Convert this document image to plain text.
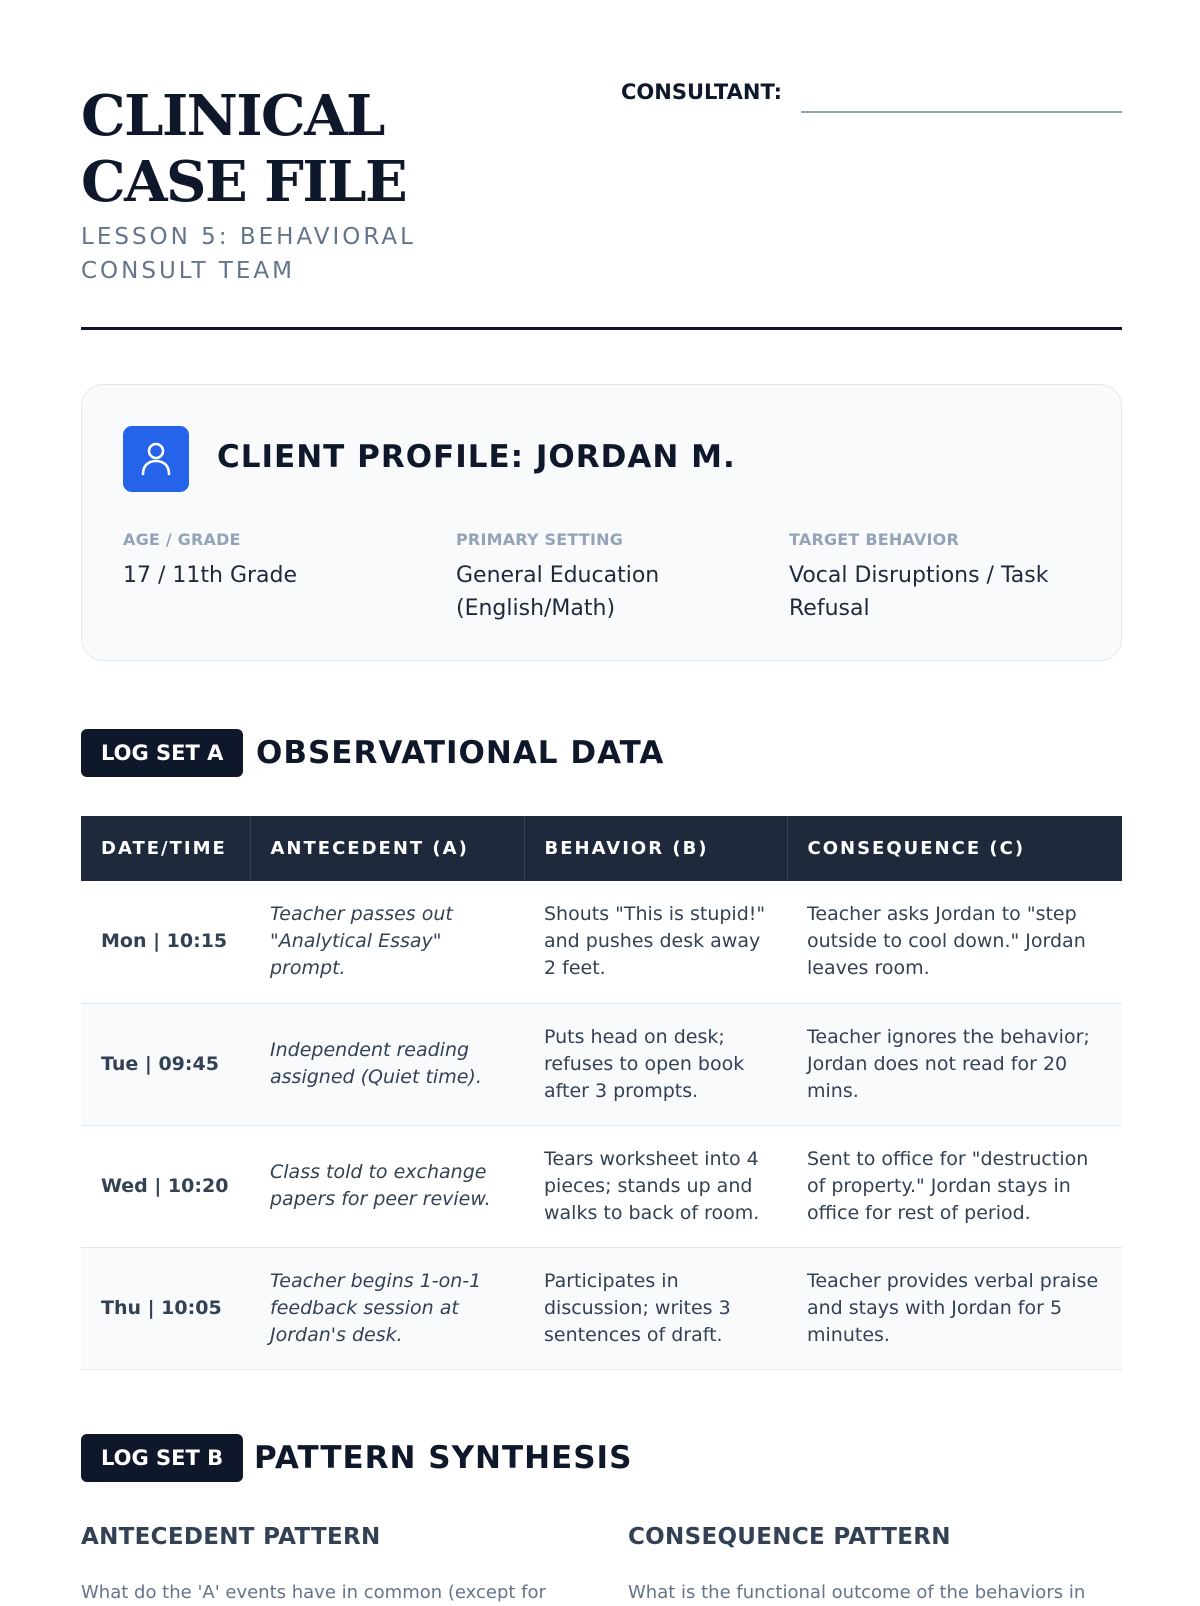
CLINICAL CASE FILE
LESSON 5: BEHAVIORAL CONSULT TEAM
CONSULTANT:
CLIENT PROFILE: JORDAN M.
AGE / GRADE
17 / 11th Grade
PRIMARY SETTING
General Education (English/Math)
TARGET BEHAVIOR
Vocal Disruptions / Task Refusal
LOG SET A	OBSERVATIONAL DATA
DATE/TIME	ANTECEDENT (A)	BEHAVIOR (B)	CONSEQUENCE (C)
Mon | 10:15	Teacher passes out "Analytical Essay" prompt.	Shouts "This is stupid!" and pushes desk away 2 feet.	Teacher asks Jordan to "step outside to cool down." Jordan leaves room.
Tue | 09:45	Independent reading assigned (Quiet time).	Puts head on desk; refuses to open book after 3 prompts.	Teacher ignores the behavior; Jordan does not read for 20 mins.
Wed | 10:20	Class told to exchange papers for peer review.	Tears worksheet into 4 pieces; stands up and walks to back of room.	Sent to office for "destruction of property." Jordan stays in office for rest of period.
Thu | 10:05	Teacher begins 1-on-1 feedback session at Jordan's desk.	Participates in discussion; writes 3 sentences of draft.	Teacher provides verbal praise and stays with Jordan for 5 minutes.
LOG SET B PATTERN SYNTHESIS
ANTECEDENT PATTERN
What do the 'A' events have in common (except for
CONSEQUENCE PATTERN
What is the functional outcome of the behaviors in
